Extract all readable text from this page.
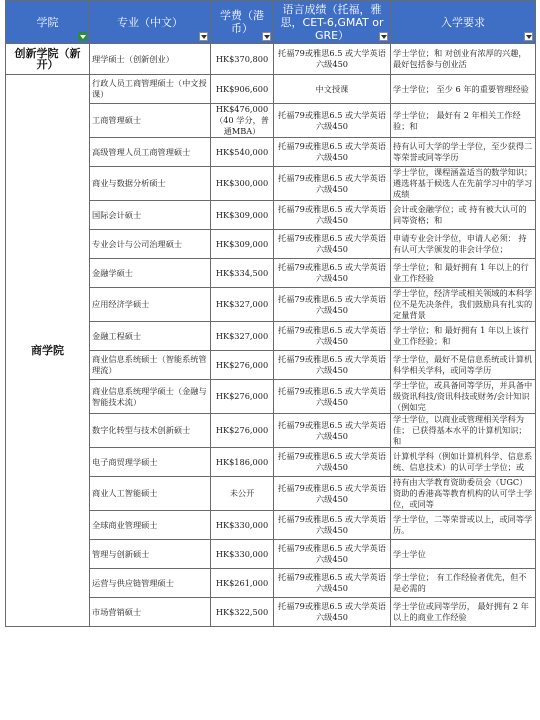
学院	专业（中文）	学费（港币）	语言成绩（托福，雅思，CET-6,GMAT or GRE）	入学要求

创新学院（新开）	理学硕士（创新创业）	HK$370,800	托福79或雅思6.5 或大学英语六级450	学士学位；和 对创业有浓厚的兴趣，最好包括参与创业活
商学院	行政人员工商管理硕士（中文授课）	HK$906,600	中文授课	学士学位； 至少 6 年的重要管理经验
	工商管理硕士	HK$476,000（40 学分，普通MBA）	托福79或雅思6.5 或大学英语六级450	学士学位； 最好有 2 年相关工作经验；和
	高级管理人员工商管理硕士	HK$540,000	托福79或雅思6.5 或大学英语六级450	持有认可大学的学士学位，至少获得二等荣誉或同等学历
	商业与数据分析硕士	HK$300,000	托福79或雅思6.5 或大学英语六级450	学士学位，课程涵盖适当的数学知识； 遴选将基于候选人在先前学习中的学习成绩
	国际会计硕士	HK$309,000	托福79或雅思6.5 或大学英语六级450	会计或金融学位；或 持有被大认可的同等资格；和
	专业会计与公司治理硕士	HK$309,000	托福79或雅思6.5 或大学英语六级450	申请专业会计学位，申请人必须： 持有认可大学颁发的非会计学位；
	金融学硕士	HK$334,500	托福79或雅思6.5 或大学英语六级450	学士学位；和 最好拥有 1 年以上的行业工作经验
	应用经济学硕士	HK$327,000	托福79或雅思6.5 或大学英语六级450	学士学位，经济学或相关领域的本科学位不是先决条件，我们鼓励具有扎实的定量背景
	金融工程硕士	HK$327,000	托福79或雅思6.5 或大学英语六级450	学士学位；和 最好拥有 1 年以上该行业工作经验；和
	商业信息系统硕士（智能系统管理流）	HK$276,000	托福79或雅思6.5 或大学英语六级450	学士学位，最好不是信息系统或计算机科学相关学科，或同等学历
	商业信息系统理学硕士（金融与智能技术流）	HK$276,000	托福79或雅思6.5 或大学英语六级450	学士学位，或具备同等学历，并具备中级资讯科技/资讯科技或财务/会计知识（例如完
	数字化转型与技术创新硕士	HK$276,000	托福79或雅思6.5 或大学英语六级450	学士学位，以商业或管理相关学科为佳； 已获得基本水平的计算机知识；和
	电子商贸理学硕士	HK$186,000	托福79或雅思6.5 或大学英语六级450	计算机学科（例如计算机科学、信息系统、信息技术）的认可学士学位；或
	商业人工智能硕士	未公开	托福79或雅思6.5 或大学英语六级450	持有由大学教育资助委员会（UGC）资助的香港高等教育机构的认可学士学位，或同等
	全球商业管理硕士	HK$330,000	托福79或雅思6.5 或大学英语六级450	学士学位，二等荣誉或以上，或同等学历。
	管理与创新硕士	HK$330,000	托福79或雅思6.5 或大学英语六级450	学士学位
	运营与供应链管理硕士	HK$261,000	托福79或雅思6.5 或大学英语六级450	学士学位； 有工作经验者优先，但不是必需的
	市场营销硕士	HK$322,500	托福79或雅思6.5 或大学英语六级450	学士学位或同等学历， 最好拥有 2 年以上的商业工作经验
